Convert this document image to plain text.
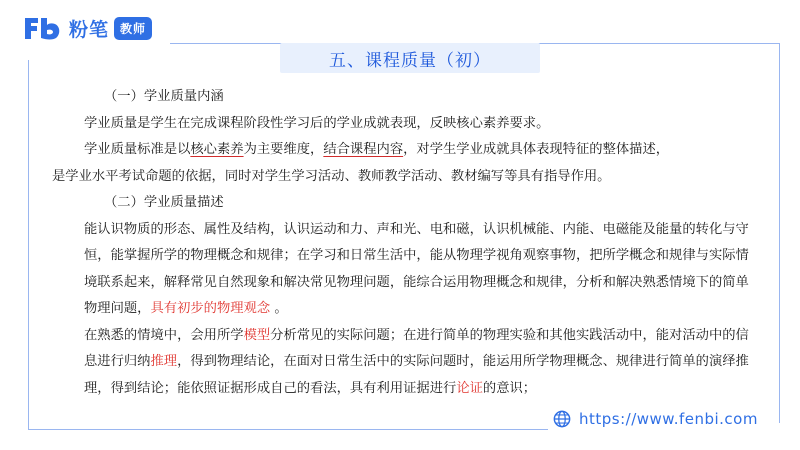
粉笔 教师
五、课程质量（初）

（一）学业质量内涵

学业质量是学生在完成课程阶段性学习后的学业成就表现，反映核心素养要求。

学业质量标准是以核心素养为主要维度，结合课程内容，对学生学业成就具体表现特征的整体描述，
是学业水平考试命题的依据，同时对学生学习活动、教师教学活动、教材编写等具有指导作用。

（二）学业质量描述

能认识物质的形态、属性及结构，认识运动和力、声和光、电和磁，认识机械能、内能、电磁能及能量的转化与守恒，能掌握所学的物理概念和规律；在学习和日常生活中，能从物理学视角观察事物，把所学概念和规律与实际情境联系起来，解释常见自然现象和解决常见物理问题，能综合运用物理概念和规律，分析和解决熟悉情境下的简单物理问题，具有初步的物理观念 。

在熟悉的情境中，会用所学模型分析常见的实际问题；在进行简单的物理实验和其他实践活动中，能对活动中的信息进行归纳推理，得到物理结论，在面对日常生活中的实际问题时，能运用所学物理概念、规律进行简单的演绎推理，得到结论；能依照证据形成自己的看法，具有利用证据进行论证的意识；

https://www.fenbi.com
